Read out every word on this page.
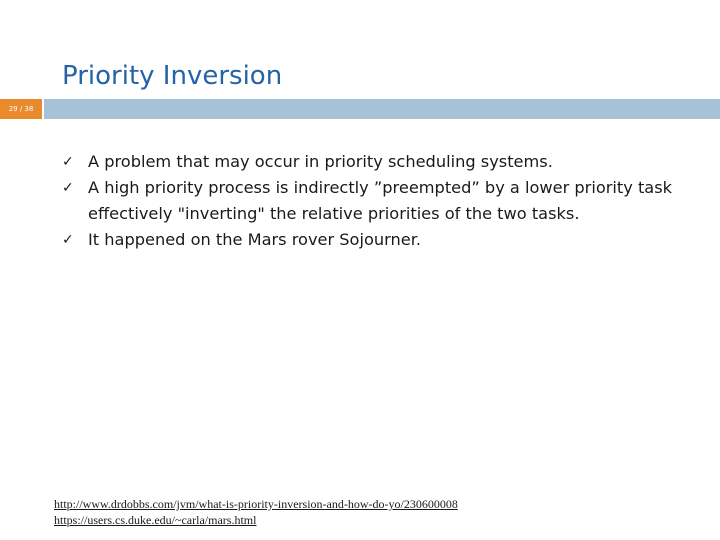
Priority Inversion
29 / 38
✓ A problem that may occur in priority scheduling systems.
✓ A high priority process is indirectly ”preempted” by a lower priority task
effectively "inverting" the relative priorities of the two tasks.
✓ It happened on the Mars rover Sojourner.
http://www.drdobbs.com/jvm/what-is-priority-inversion-and-how-do-yo/230600008
https://users.cs.duke.edu/~carla/mars.html
